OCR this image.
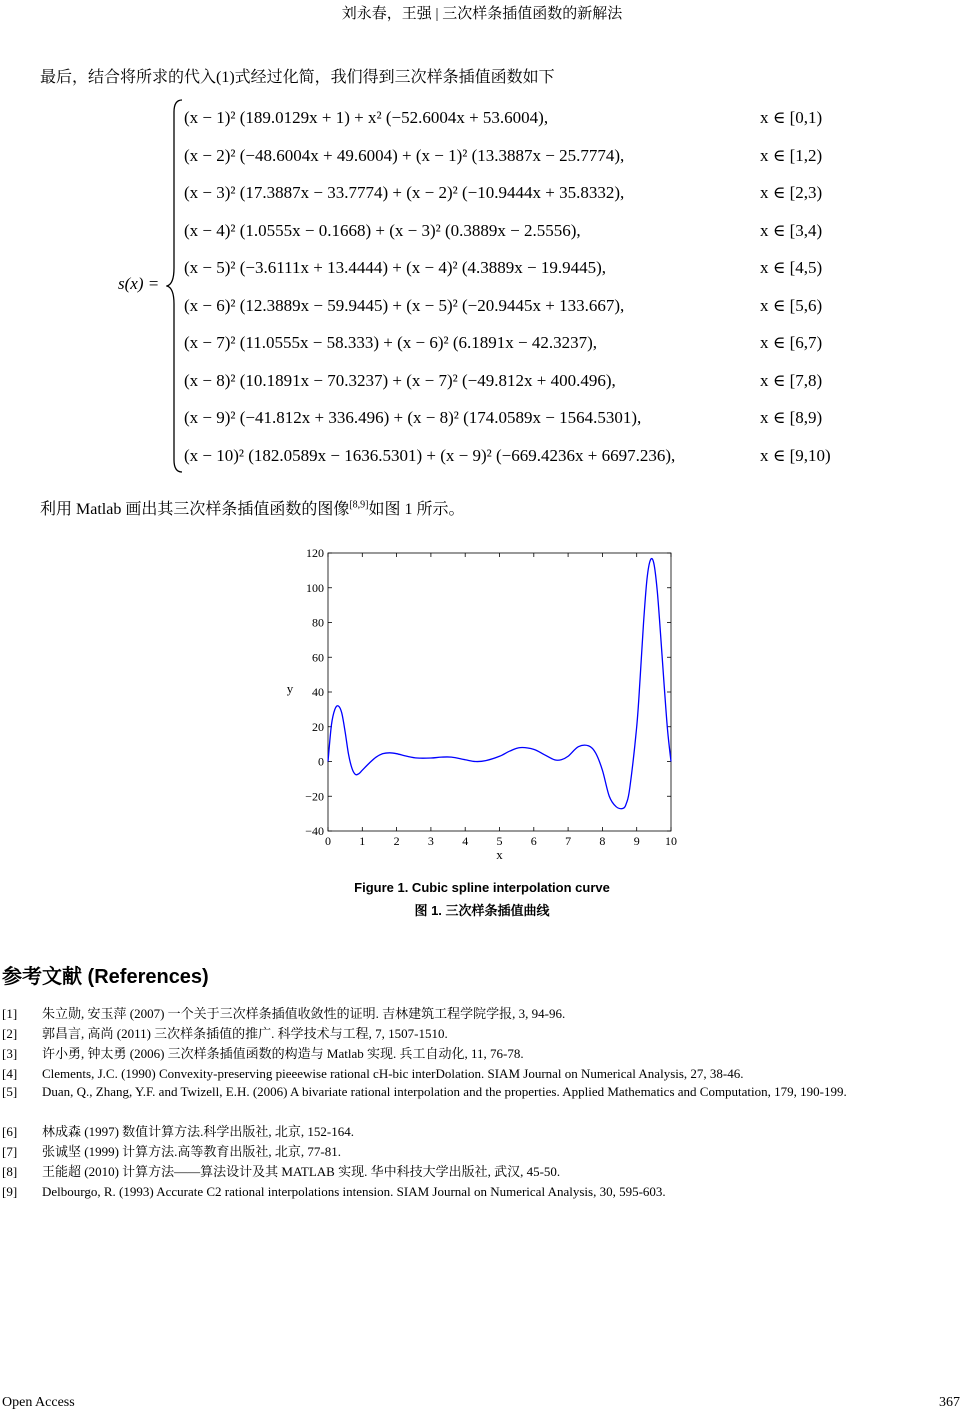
刘永春，王强 | 三次样条插值函数的新解法
最后，结合将所求的代入(1)式经过化简，我们得到三次样条插值函数如下
s(x) =
(x − 1)² (189.0129x + 1) + x² (−52.6004x + 53.6004),	x ∈ [0,1)
(x − 2)² (−48.6004x + 49.6004) + (x − 1)² (13.3887x − 25.7774),	x ∈ [1,2)
(x − 3)² (17.3887x − 33.7774) + (x − 2)² (−10.9444x + 35.8332),	x ∈ [2,3)
(x − 4)² (1.0555x − 0.1668) + (x − 3)² (0.3889x − 2.5556),	x ∈ [3,4)
(x − 5)² (−3.6111x + 13.4444) + (x − 4)² (4.3889x − 19.9445),	x ∈ [4,5)
(x − 6)² (12.3889x − 59.9445) + (x − 5)² (−20.9445x + 133.667),	x ∈ [5,6)
(x − 7)² (11.0555x − 58.333) + (x − 6)² (6.1891x − 42.3237),	x ∈ [6,7)
(x − 8)² (10.1891x − 70.3237) + (x − 7)² (−49.812x + 400.496),	x ∈ [7,8)
(x − 9)² (−41.812x + 336.496) + (x − 8)² (174.0589x − 1564.5301),	x ∈ [8,9)
(x − 10)² (182.0589x − 1636.5301) + (x − 9)² (−669.4236x + 6697.236),	x ∈ [9,10)
利用 Matlab 画出其三次样条插值函数的图像[8,9]如图 1 所示。
−40
−20
0
20
40
60
80
100
120
0 1 2 3 4 5 6 7 8 9 10
x
y
Figure 1. Cubic spline interpolation curve
图 1. 三次样条插值曲线
参考文献 (References)
[1] 朱立勋, 安玉萍 (2007) 一个关于三次样条插值收敛性的证明. 吉林建筑工程学院学报, 3, 94-96.
[2] 郭昌言, 高尚 (2011) 三次样条插值的推广. 科学技术与工程, 7, 1507-1510.
[3] 许小勇, 钟太勇 (2006) 三次样条插值函数的构造与 Matlab 实现. 兵工自动化, 11, 76-78.
[4] Clements, J.C. (1990) Convexity-preserving pieeewise rational cH-bic interDolation. SIAM Journal on Numerical Analysis, 27, 38-46.
[5] Duan, Q., Zhang, Y.F. and Twizell, E.H. (2006) A bivariate rational interpolation and the properties. Applied Mathematics and Computation, 179, 190-199.
[6] 林成森 (1997) 数值计算方法.科学出版社, 北京, 152-164.
[7] 张诚坚 (1999) 计算方法.高等教育出版社, 北京, 77-81.
[8] 王能超 (2010) 计算方法——算法设计及其 MATLAB 实现. 华中科技大学出版社, 武汉, 45-50.
[9] Delbourgo, R. (1993) Accurate C2 rational interpolations intension. SIAM Journal on Numerical Analysis, 30, 595-603.
Open Access	367
